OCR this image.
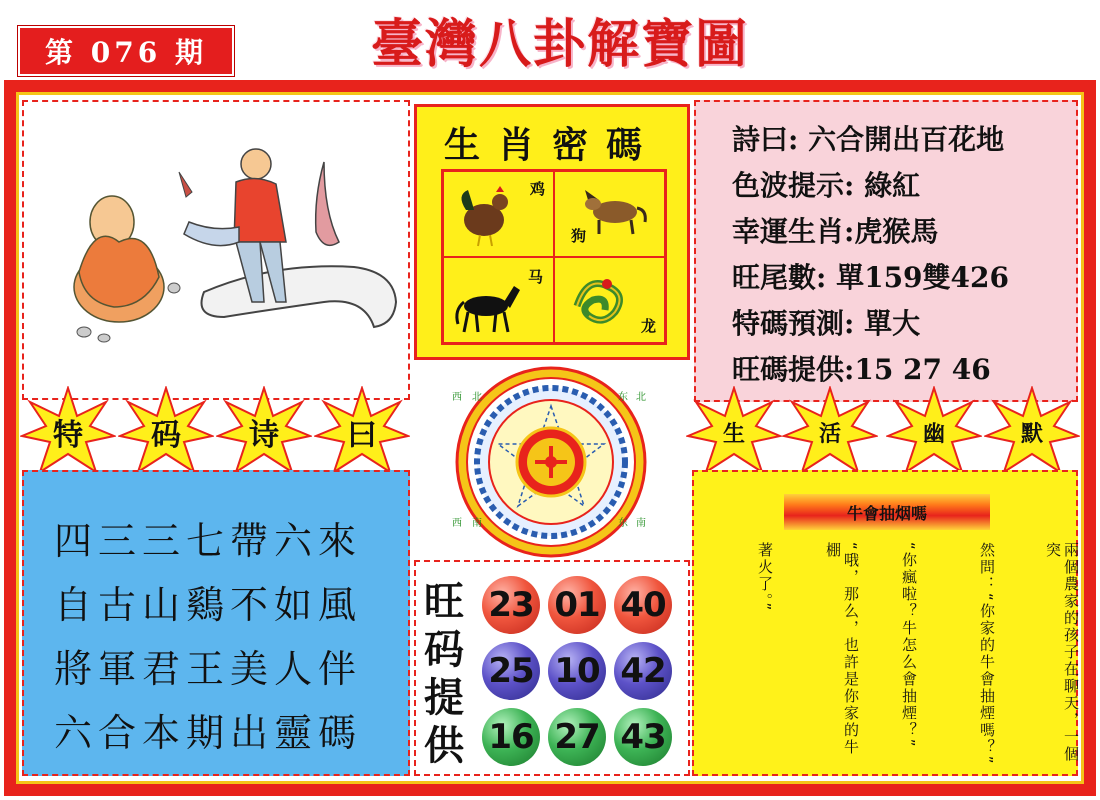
第 076 期	臺灣八卦解寶圖
生肖密碼
鸡
狗
马
龙
詩曰: 六合開出百花地
色波提示: 綠紅
幸運生肖:虎猴馬
旺尾數: 單159雙426
特碼預測: 單大
旺碼提供:15 27 46
特	码	诗	曰	生	活	幽	默
西 北	东 北
西 南	东 南
四三三七帶六來
自古山鷄不如風
將軍君王美人伴
六合本期出靈碼
旺
码
提
供
23 01 40
25 10 42
16 27 43
牛會抽烟嗎
兩個農家的孩子在聊天，一個突
然問：“你家的牛會抽煙嗎？”
“你瘋啦？牛怎么會抽煙？”
“哦，那么，也許是你家的牛棚
著火了。”
